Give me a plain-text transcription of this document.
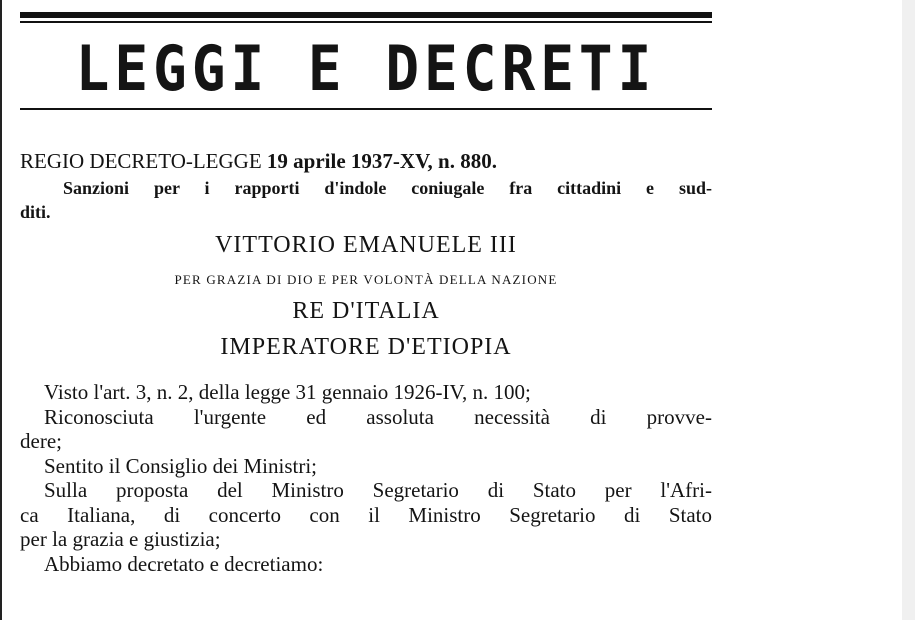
LEGGI E DECRETI
REGIO DECRETO-LEGGE 19 aprile 1937-XV, n. 880.
Sanzioni per i rapporti d'indole coniugale fra cittadini e sud-
diti.
VITTORIO EMANUELE III
PER GRAZIA DI DIO E PER VOLONTÀ DELLA NAZIONE
RE D'ITALIA
IMPERATORE D'ETIOPIA
Visto l'art. 3, n. 2, della legge 31 gennaio 1926-IV, n. 100;
Riconosciuta l'urgente ed assoluta necessità di provve-
dere;
Sentito il Consiglio dei Ministri;
Sulla proposta del Ministro Segretario di Stato per l'Afri-
ca Italiana, di concerto con il Ministro Segretario di Stato
per la grazia e giustizia;
Abbiamo decretato e decretiamo:
